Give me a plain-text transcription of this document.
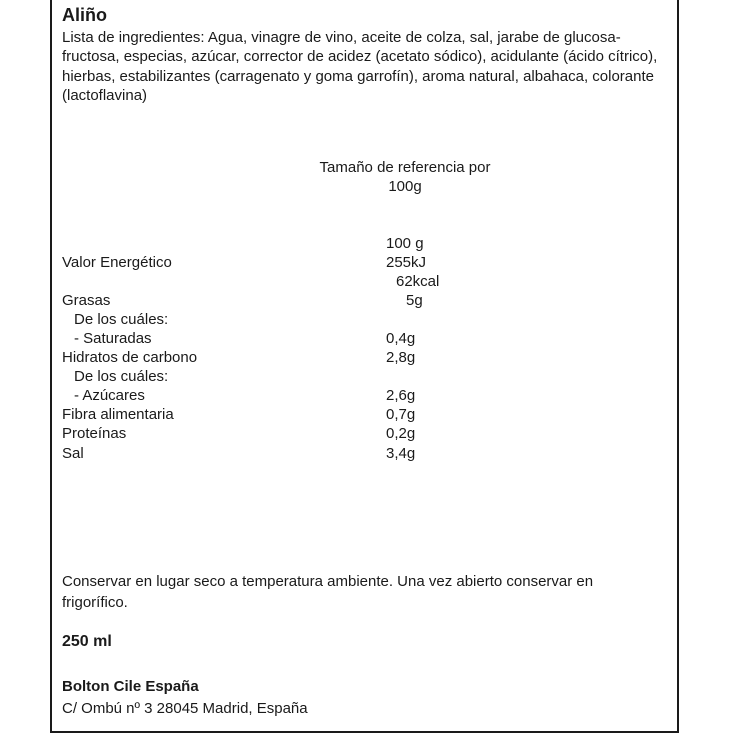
Aliño
Lista de ingredientes: Agua, vinagre de vino, aceite de colza, sal, jarabe de glucosa-fructosa, especias, azúcar, corrector de acidez (acetato sódico), acidulante (ácido cítrico), hierbas, estabilizantes (carragenato y goma garrofín), aroma natural, albahaca, colorante (lactoflavina)
Tamaño de referencia por
100g
100 g
Valor Energético	255kJ
62kcal
Grasas	5g
De los cuáles:
- Saturadas	0,4g
Hidratos de carbono	2,8g
De los cuáles:
- Azúcares	2,6g
Fibra alimentaria	0,7g
Proteínas	0,2g
Sal	3,4g
Conservar en lugar seco a temperatura ambiente. Una vez abierto conservar en frigorífico.
250 ml
Bolton Cile España
C/ Ombú nº 3 28045 Madrid, España
